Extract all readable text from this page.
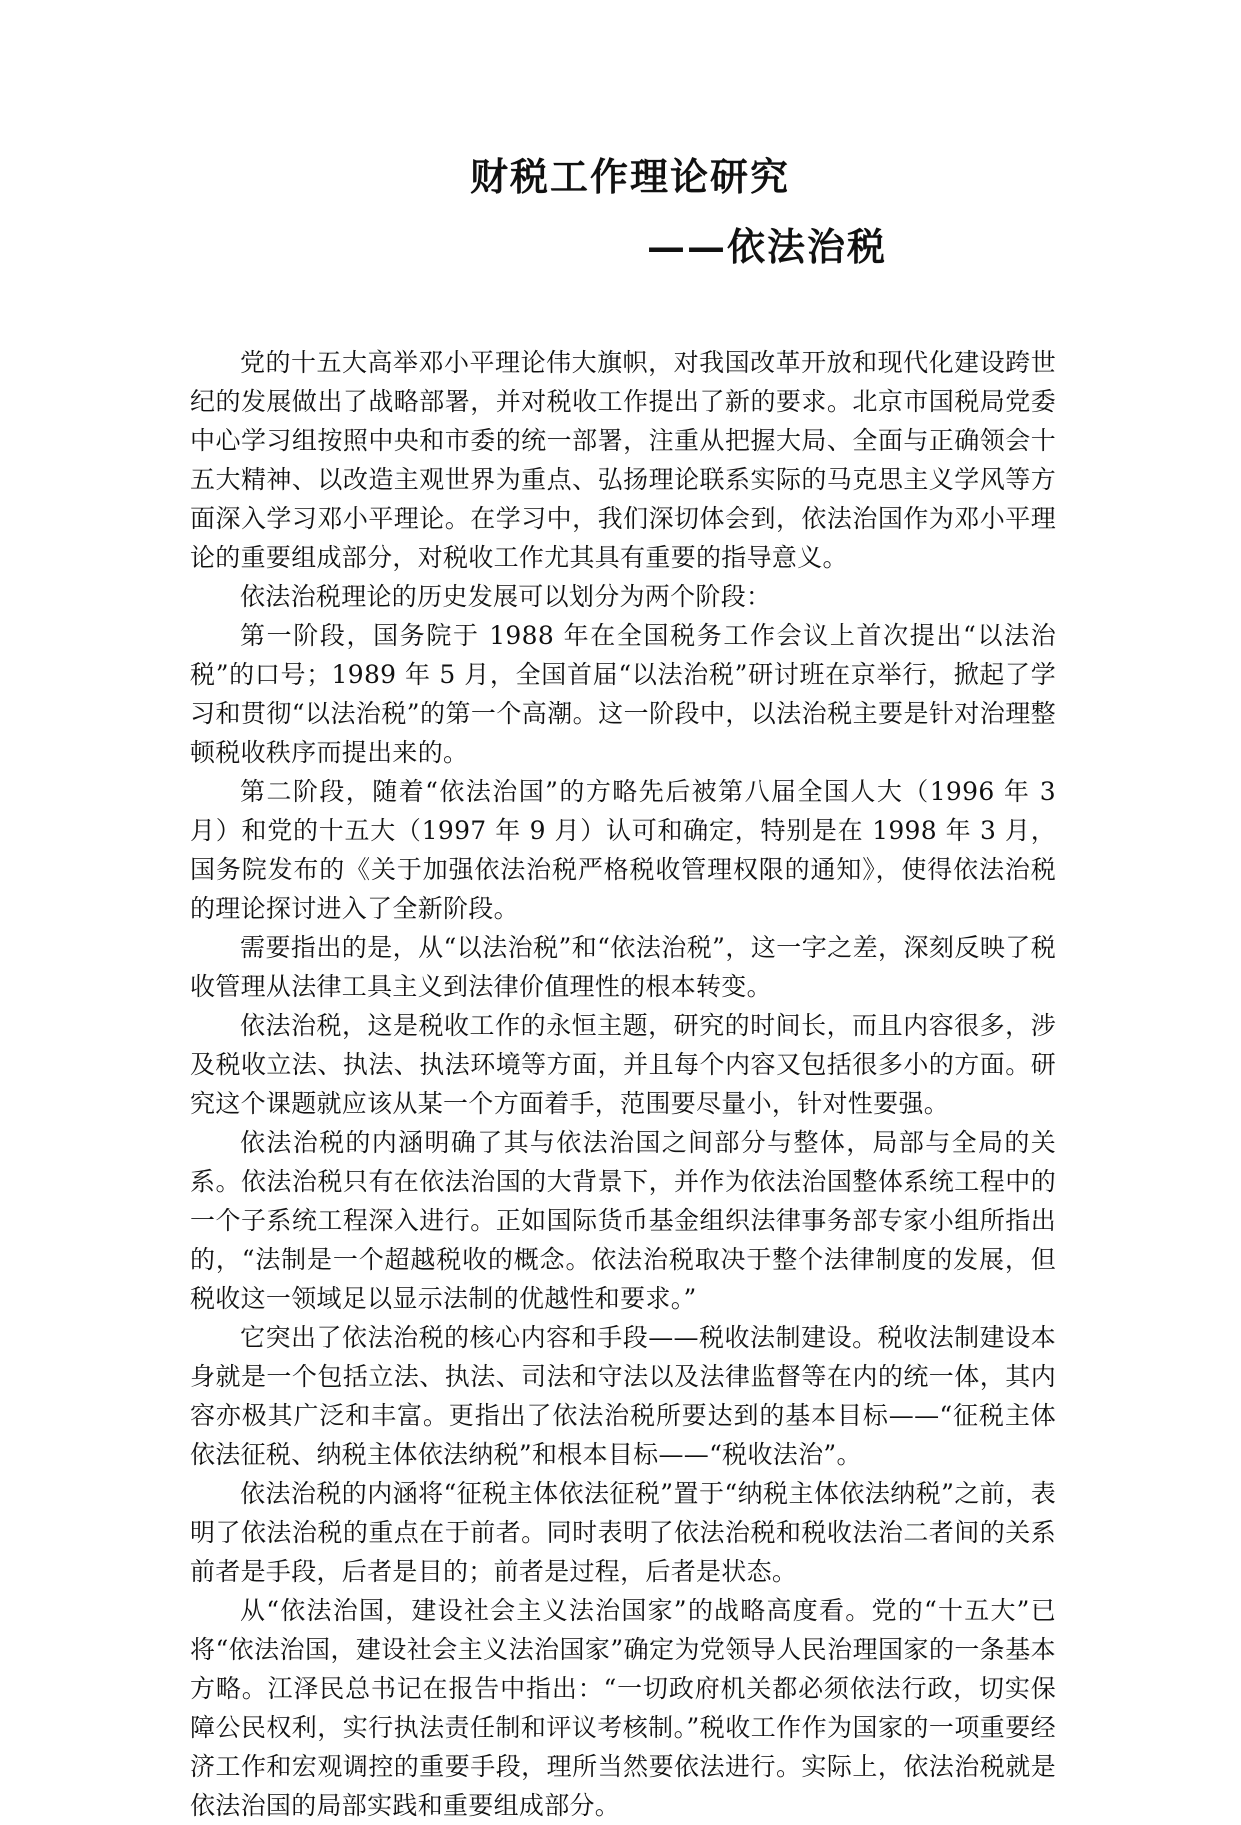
财税工作理论研究
——依法治税

党的十五大高举邓小平理论伟大旗帜，对我国改革开放和现代化建设跨世纪的发展做出了战略部署，并对税收工作提出了新的要求。北京市国税局党委中心学习组按照中央和市委的统一部署，注重从把握大局、全面与正确领会十五大精神、以改造主观世界为重点、弘扬理论联系实际的马克思主义学风等方面深入学习邓小平理论。在学习中，我们深切体会到，依法治国作为邓小平理论的重要组成部分，对税收工作尤其具有重要的指导意义。

依法治税理论的历史发展可以划分为两个阶段：

第一阶段，国务院于 1988 年在全国税务工作会议上首次提出“以法治税”的口号；1989 年 5 月，全国首届“以法治税”研讨班在京举行，掀起了学习和贯彻“以法治税”的第一个高潮。这一阶段中，以法治税主要是针对治理整顿税收秩序而提出来的。

第二阶段，随着“依法治国”的方略先后被第八届全国人大（1996 年 3 月）和党的十五大（1997 年 9 月）认可和确定，特别是在 1998 年 3 月，国务院发布的《关于加强依法治税严格税收管理权限的通知》，使得依法治税的理论探讨进入了全新阶段。

需要指出的是，从“以法治税”和“依法治税”，这一字之差，深刻反映了税收管理从法律工具主义到法律价值理性的根本转变。

依法治税，这是税收工作的永恒主题，研究的时间长，而且内容很多，涉及税收立法、执法、执法环境等方面，并且每个内容又包括很多小的方面。研究这个课题就应该从某一个方面着手，范围要尽量小，针对性要强。

依法治税的内涵明确了其与依法治国之间部分与整体，局部与全局的关系。依法治税只有在依法治国的大背景下，并作为依法治国整体系统工程中的一个子系统工程深入进行。正如国际货币基金组织法律事务部专家小组所指出的，“法制是一个超越税收的概念。依法治税取决于整个法律制度的发展，但税收这一领域足以显示法制的优越性和要求。”

它突出了依法治税的核心内容和手段——税收法制建设。税收法制建设本身就是一个包括立法、执法、司法和守法以及法律监督等在内的统一体，其内容亦极其广泛和丰富。更指出了依法治税所要达到的基本目标——“征税主体依法征税、纳税主体依法纳税”和根本目标——“税收法治”。

依法治税的内涵将“征税主体依法征税”置于“纳税主体依法纳税”之前，表明了依法治税的重点在于前者。同时表明了依法治税和税收法治二者间的关系前者是手段，后者是目的；前者是过程，后者是状态。

从“依法治国，建设社会主义法治国家”的战略高度看。党的“十五大”已将“依法治国，建设社会主义法治国家”确定为党领导人民治理国家的一条基本方略。江泽民总书记在报告中指出：“一切政府机关都必须依法行政，切实保障公民权利，实行执法责任制和评议考核制。”税收工作作为国家的一项重要经济工作和宏观调控的重要手段，理所当然要依法进行。实际上，依法治税就是依法治国的局部实践和重要组成部分。
